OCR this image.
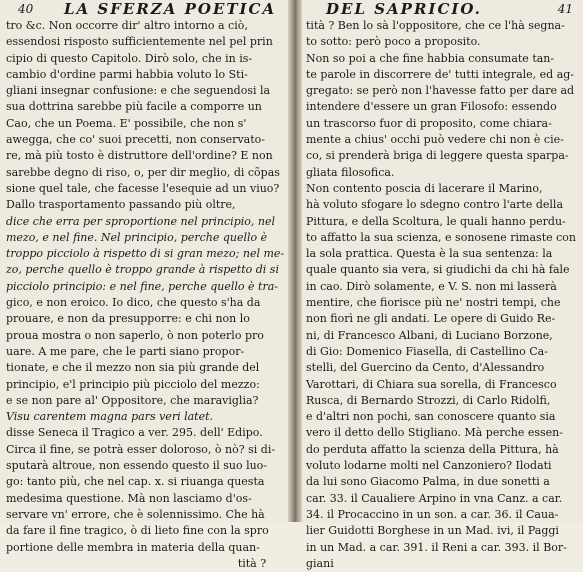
40 LA SFERZA POETICA
tro &c. Non occorre dir' altro intorno a ciò,
essendosi risposto sufficientemente nel pel prin
cipio di questo Capitolo. Dirò solo, che in is-
cambio d'ordine parmi habbia voluto lo Sti-
gliani insegnar confusione: e che seguendosi la
sua dottrina sarebbe più facile a comporre un
Cao, che un Poema. E' possibile, che non s'
awegga, che co' suoi precetti, non conservato-
re, mà più tosto è distruttore dell'ordine? E non
sarebbe degno di riso, o, per dir meglio, di cõpas
sione quel tale, che facesse l'esequie ad un viuo?
Dallo trasportamento passando più oltre,
dice che erra per sproportione nel principio, nel
mezo, e nel fine. Nel principio, perche quello è
troppo picciolo à rispetto di si gran mezo; nel me-
zo, perche quello è troppo grande à rispetto di si
picciolo principio: e nel fine, perche quello è tra-
gico, e non eroico. Io dico, che questo s'ha da
prouare, e non da presupporre: e chi non lo
proua mostra o non saperlo, ò non poterlo pro
uare. A me pare, che le parti siano propor-
tionate, e che il mezzo non sia più grande del
principio, e'l principio più picciolo del mezzo:
e se non pare al' Oppositore, che maraviglia?
Visu carentem magna pars veri latet.
disse Seneca il Tragico a ver. 295. dell' Edipo.
Circa il fine, se potrà esser doloroso, ò nò? si di-
sputarà altroue, non essendo questo il suo luo-
go: tanto più, che nel cap. x. si riuanga questa
medesima questione. Mà non lasciamo d'os-
servare vn' errore, che è solennissimo. Che hà
da fare il fine tragico, ò di lieto fine con la spro
portione delle membra in materia della quan-
tità ?
DEL SAPRICIO.	41
tità ? Ben lo sà l'oppositore, che ce l'hà segna-
to sotto: però poco a proposito.
Non so poi a che fine habbia consumate tan-
te parole in discorrere de' tutti integrale, ed ag-
gregato: se però non l'havesse fatto per dare ad
intendere d'essere un gran Filosofo: essendo
un trascorso fuor di proposito, come chiara-
mente a chius' occhi può vedere chi non è cie-
co, si prenderà briga di leggere questa sparpa-
gliata filosofica.
Non contento poscia di lacerare il Marino,
hà voluto sfogare lo sdegno contro l'arte della
Pittura, e della Scoltura, le quali hanno perdu-
to affatto la sua scienza, e sonosene rimaste con
la sola prattica. Questa è la sua sentenza: la
quale quanto sia vera, si giudichi da chi hà fale
in cao. Dirò solamente, e V. S. non mi lasserà
mentire, che fiorisce più ne' nostri tempi, che
non fiorì ne gli andati. Le opere di Guido Re-
ni, di Francesco Albani, di Luciano Borzone,
di Gio: Domenico Fiasella, di Castellino Ca-
stelli, del Guercino da Cento, d'Alessandro
Varottari, di Chiara sua sorella, di Francesco
Rusca, di Bernardo Strozzi, di Carlo Ridolfi,
e d'altri non pochi, san conoscere quanto sia
vero il detto dello Stigliano. Mà perche essen-
do perduta affatto la scienza della Pittura, hà
voluto lodarne molti nel Canzoniero? Ilodati
da lui sono Giacomo Palma, in due sonetti a
car. 33. il Caualiere Arpino in vna Canz. a car.
34. il Procaccino in un son. a car. 36. il Caua-
lier Guidotti Borghese in un Mad. ivi, il Paggi
in un Mad. a car. 391. il Reni a car. 393. il Bor-
giani
